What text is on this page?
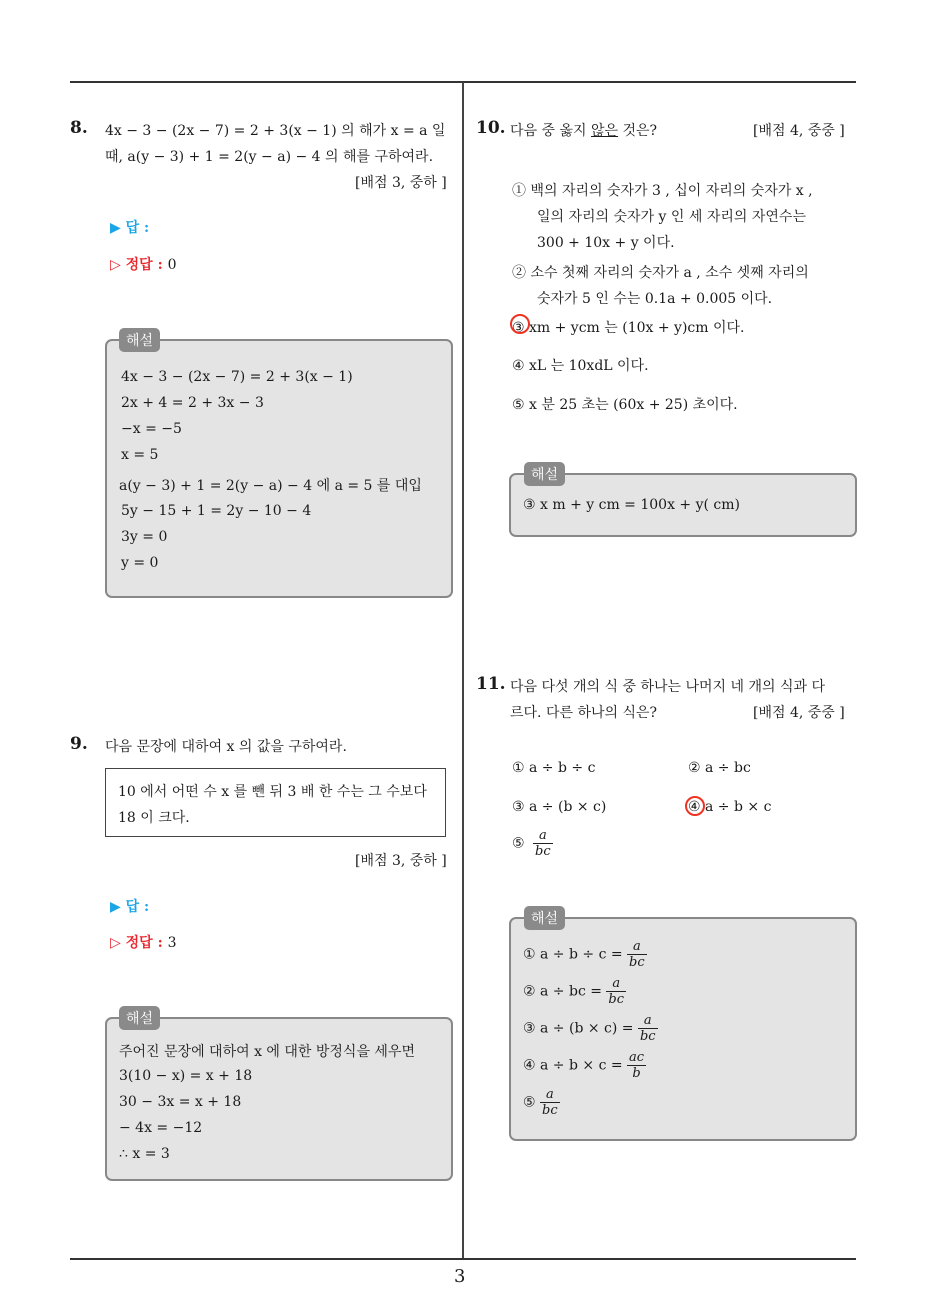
3
8. 4x − 3 − (2x − 7) = 2 + 3(x − 1) 의 해가 x = a 일
때, a(y − 3) + 1 = 2(y − a) − 4 의 해를 구하여라.
[배점 3, 중하 ]
▶ 답 :
▷ 정답 : 0
4x − 3 − (2x − 7) = 2 + 3(x − 1)
2x + 4 = 2 + 3x − 3
−x = −5
x = 5
a(y − 3) + 1 = 2(y − a) − 4 에 a = 5 를 대입
5y − 15 + 1 = 2y − 10 − 4
3y = 0
y = 0
해설
9. 다음 문장에 대하여 x 의 값을 구하여라.
10 에서 어떤 수 x 를 뺀 뒤 3 배 한 수는 그 수보다
18 이 크다.
[배점 3, 중하 ]
▶ 답 :
▷ 정답 : 3
주어진 문장에 대하여 x 에 대한 방정식을 세우면
3(10 − x) = x + 18
30 − 3x = x + 18
− 4x = −12
∴ x = 3
해설
10. 다음 중 옳지 않은 것은?	[배점 4, 중중 ]
① 백의 자리의 숫자가 3 , 십이 자리의 숫자가 x ,
일의 자리의 숫자가 y 인 세 자리의 자연수는
300 + 10x + y 이다.
② 소수 첫째 자리의 숫자가 a , 소수 셋째 자리의
숫자가 5 인 수는 0.1a + 0.005 이다.
③ xm + ycm 는 (10x + y)cm 이다.
④ xL 는 10xdL 이다.
⑤ x 분 25 초는 (60x + 25) 초이다.
③ x m + y cm = 100x + y( cm)
해설
11. 다음 다섯 개의 식 중 하나는 나머지 네 개의 식과 다
르다. 다른 하나의 식은?	[배점 4, 중중 ]
① a ÷ b ÷ c	② a ÷ bc
③ a ÷ (b × c)	④ a ÷ b × c
⑤ $\frac{a}{bc}$
① $a \div b \div c = \frac{a}{bc}$
② a ÷ bc = $\frac{a}{bc}$
③ $a \div (b \times c) = \frac{a}{bc}$
④ $a \div b \times c = \frac{ac}{b}$
⑤ $\frac{a}{bc}$
해설
